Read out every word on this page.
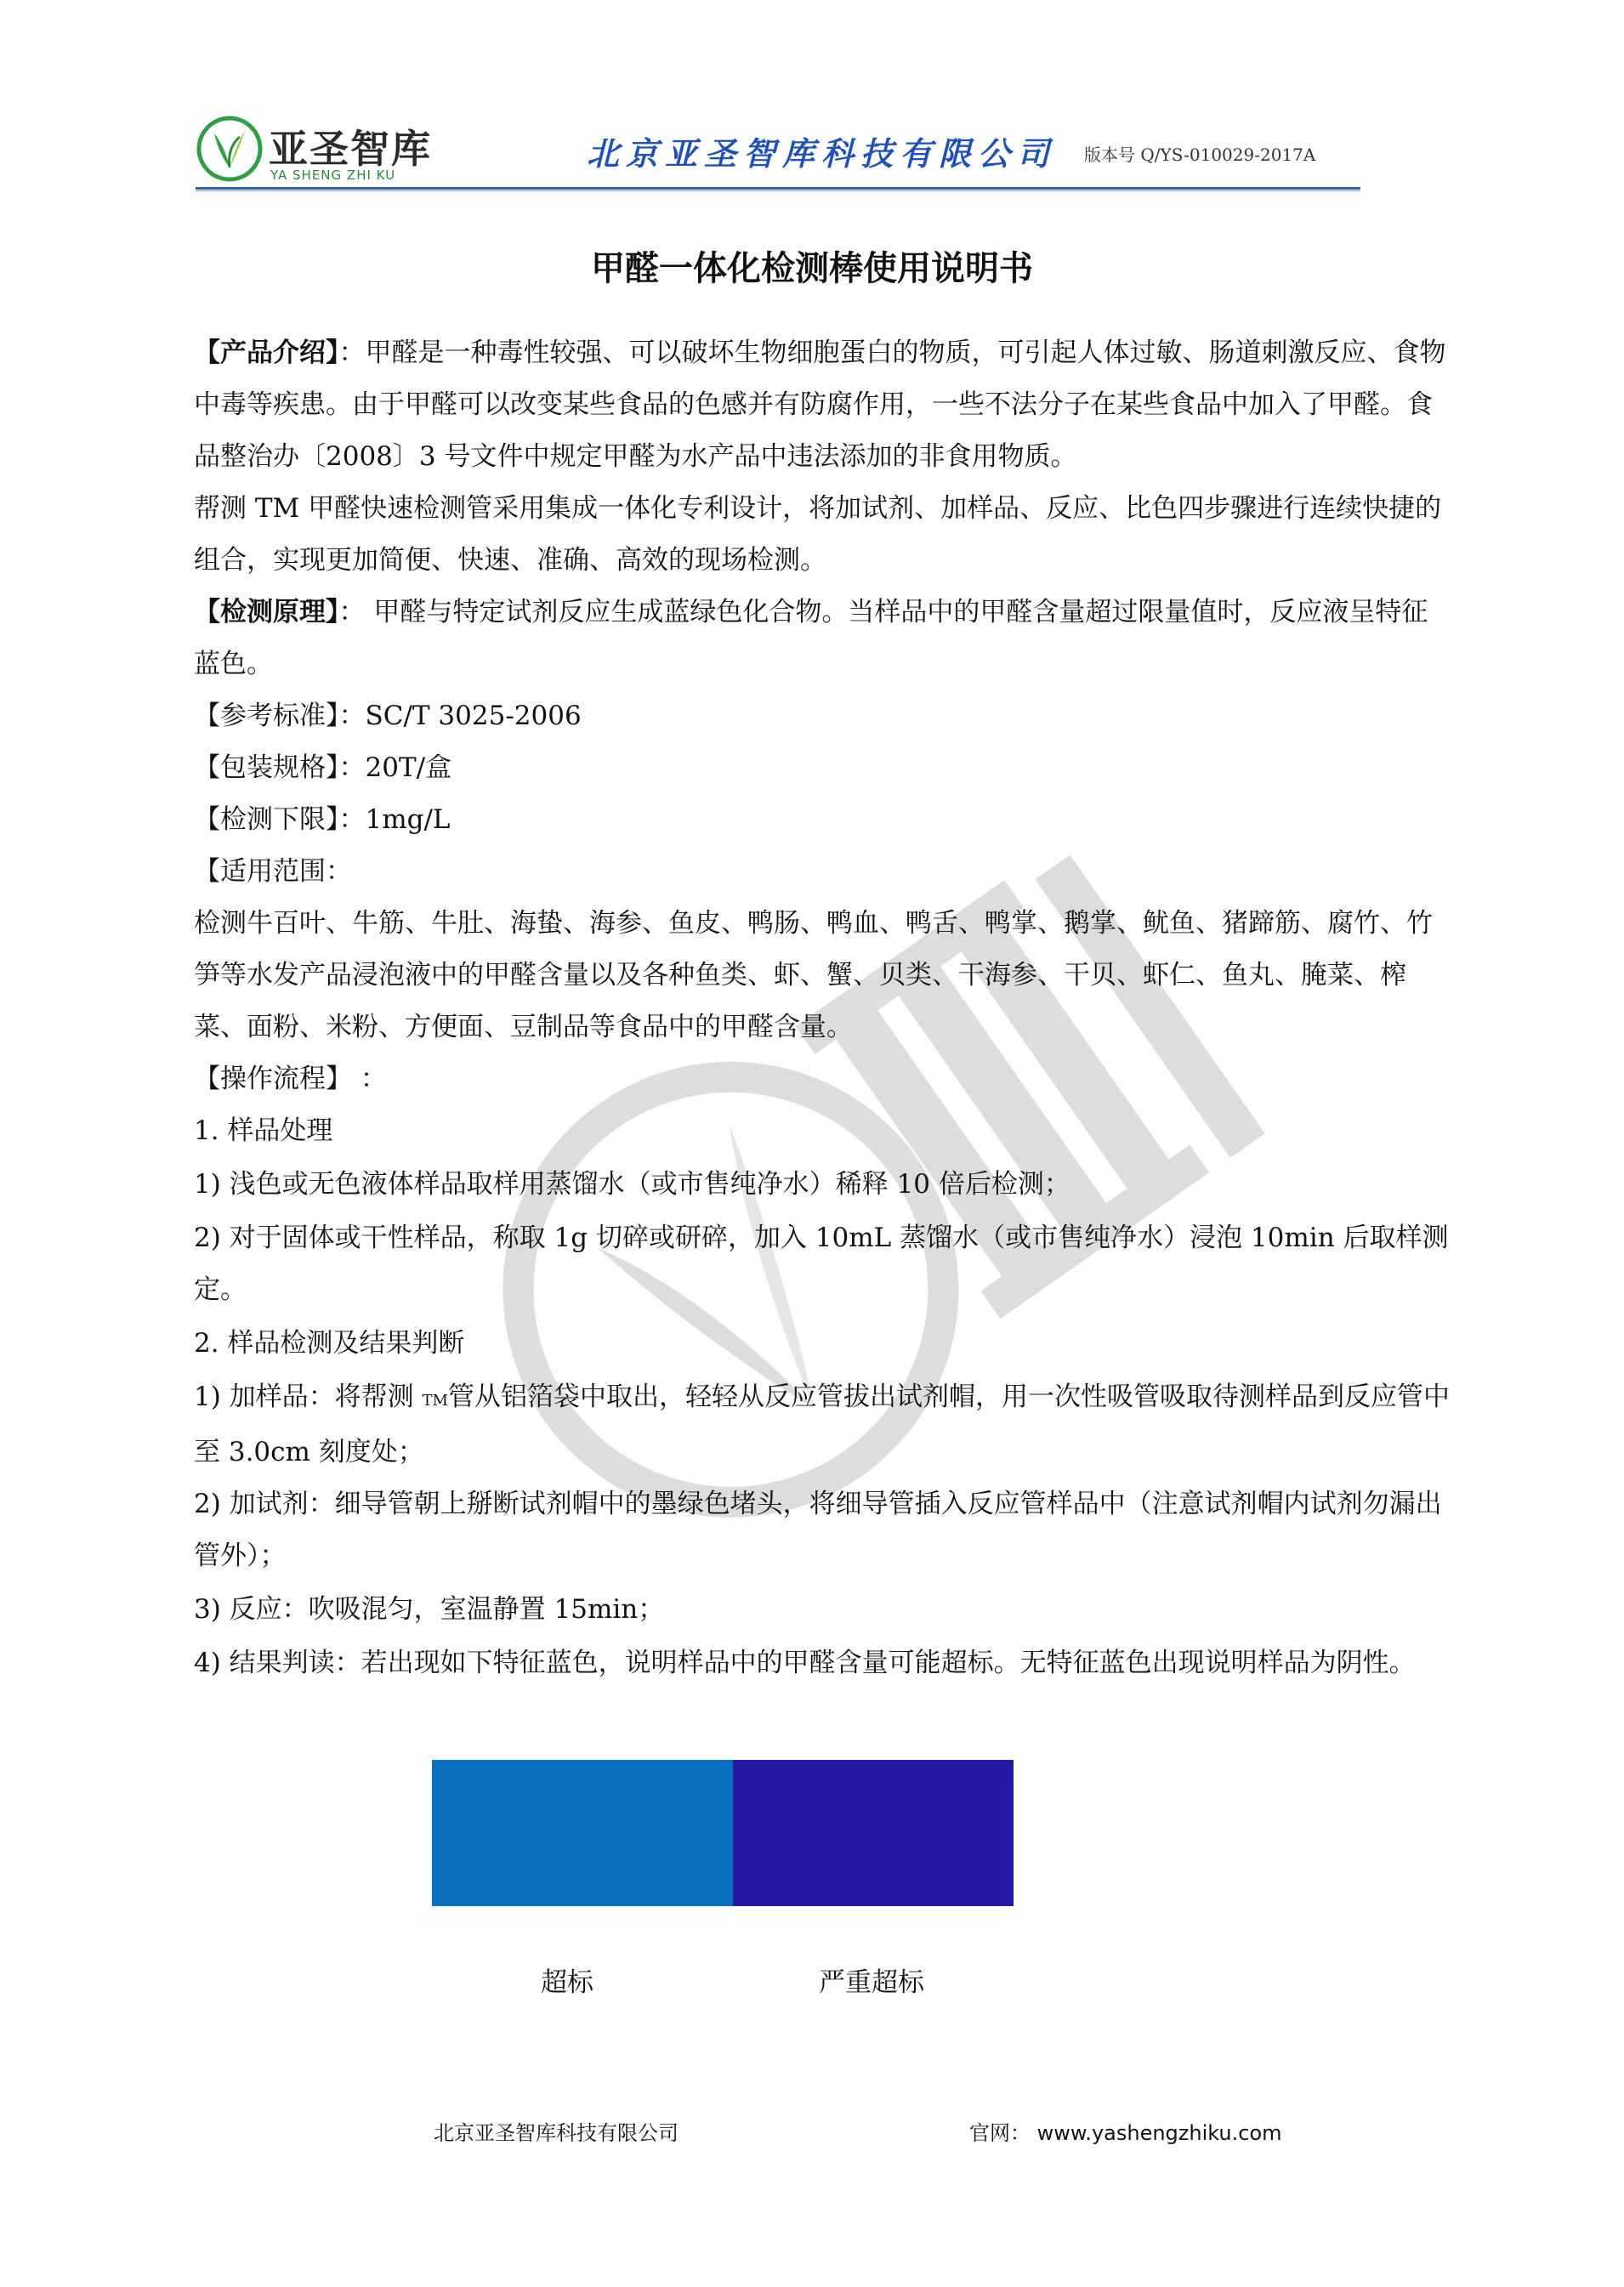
亚圣智库
YA SHENG ZHI KU
北京亚圣智库科技有限公司 版本号 Q/YS-010029-2017A
甲醛一体化检测棒使用说明书

【产品介绍】：甲醛是一种毒性较强、可以破坏生物细胞蛋白的物质，可引起人体过敏、肠道刺激反应、食物中毒等疾患。由于甲醛可以改变某些食品的色感并有防腐作用，一些不法分子在某些食品中加入了甲醛。食品整治办〔2008〕3 号文件中规定甲醛为水产品中违法添加的非食用物质。

帮测 TM 甲醛快速检测管采用集成一体化专利设计，将加试剂、加样品、反应、比色四步骤进行连续快捷的组合，实现更加简便、快速、准确、高效的现场检测。

【检测原理】： 甲醛与特定试剂反应生成蓝绿色化合物。当样品中的甲醛含量超过限量值时，反应液呈特征蓝色。

【参考标准】：SC/T 3025-2006

【包装规格】：20T/盒

【检测下限】：1mg/L

【适用范围：

检测牛百叶、牛筋、牛肚、海蛰、海参、鱼皮、鸭肠、鸭血、鸭舌、鸭掌、鹅掌、鱿鱼、猪蹄筋、腐竹、竹笋等水发产品浸泡液中的甲醛含量以及各种鱼类、虾、蟹、贝类、干海参、干贝、虾仁、鱼丸、腌菜、榨菜、面粉、米粉、方便面、豆制品等食品中的甲醛含量。

【操作流程】 ：

1. 样品处理

1) 浅色或无色液体样品取样用蒸馏水（或市售纯净水）稀释 10 倍后检测；

2) 对于固体或干性样品，称取 1g 切碎或研碎，加入 10mL 蒸馏水（或市售纯净水）浸泡 10min 后取样测定。

2. 样品检测及结果判断

1) 加样品：将帮测 TM管从铝箔袋中取出，轻轻从反应管拔出试剂帽，用一次性吸管吸取待测样品到反应管中至 3.0cm 刻度处；

2) 加试剂：细导管朝上掰断试剂帽中的墨绿色堵头，将细导管插入反应管样品中（注意试剂帽内试剂勿漏出管外）；

3) 反应：吹吸混匀，室温静置 15min；

4) 结果判读：若出现如下特征蓝色，说明样品中的甲醛含量可能超标。无特征蓝色出现说明样品为阴性。

超标	严重超标
北京亚圣智库科技有限公司	官网： www.yashengzhiku.com
